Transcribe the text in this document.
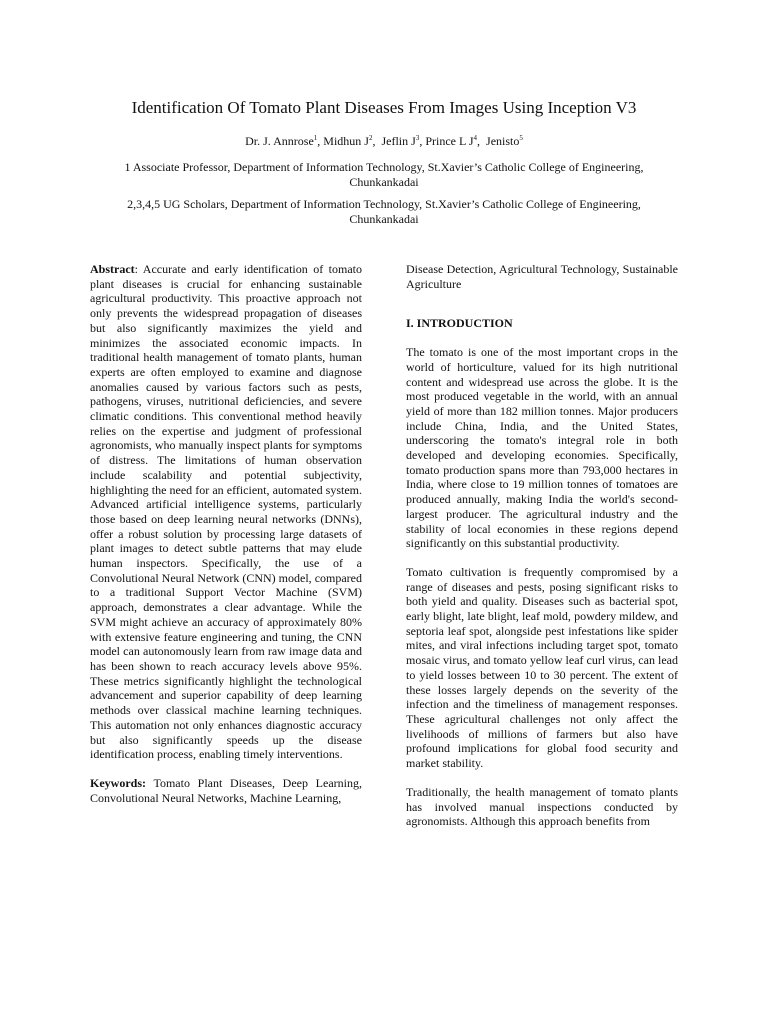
Identification Of Tomato Plant Diseases From Images Using Inception V3
Dr. J. Annrose$^1$, Midhun $J^2$,  Jeflin $J^3$, Prince L $J^4$,  Jenisto$^5$
1 Associate Professor, Department of Information Technology, St.Xavier’s Catholic College of Engineering, Chunkankadai
2,3,4,5 UG Scholars, Department of Information Technology, St.Xavier’s Catholic College of Engineering, Chunkankadai

Abstract: Accurate and early identification of tomato plant diseases is crucial for enhancing sustainable agricultural productivity. This proactive approach not only prevents the widespread propagation of diseases but also significantly maximizes the yield and minimizes the associated economic impacts. In traditional health management of tomato plants, human experts are often employed to examine and diagnose anomalies caused by various factors such as pests, pathogens, viruses, nutritional deficiencies, and severe climatic conditions. This conventional method heavily relies on the expertise and judgment of professional agronomists, who manually inspect plants for symptoms of distress. The limitations of human observation include scalability and potential subjectivity, highlighting the need for an efficient, automated system. Advanced artificial intelligence systems, particularly those based on deep learning neural networks (DNNs), offer a robust solution by processing large datasets of plant images to detect subtle patterns that may elude human inspectors. Specifically, the use of a Convolutional Neural Network (CNN) model, compared to a traditional Support Vector Machine (SVM) approach, demonstrates a clear advantage. While the SVM might achieve an accuracy of approximately 80% with extensive feature engineering and tuning, the CNN model can autonomously learn from raw image data and has been shown to reach accuracy levels above 95%. These metrics significantly highlight the technological advancement and superior capability of deep learning methods over classical machine learning techniques. This automation not only enhances diagnostic accuracy but also significantly speeds up the disease identification process, enabling timely interventions.

Keywords: Tomato Plant Diseases, Deep Learning, Convolutional Neural Networks, Machine Learning,

Disease Detection, Agricultural Technology, Sustainable Agriculture

I. INTRODUCTION

The tomato is one of the most important crops in the world of horticulture, valued for its high nutritional content and widespread use across the globe. It is the most produced vegetable in the world, with an annual yield of more than 182 million tonnes. Major producers include China, India, and the United States, underscoring the tomato's integral role in both developed and developing economies. Specifically, tomato production spans more than 793,000 hectares in India, where close to 19 million tonnes of tomatoes are produced annually, making India the world's second-largest producer. The agricultural industry and the stability of local economies in these regions depend significantly on this substantial productivity.

Tomato cultivation is frequently compromised by a range of diseases and pests, posing significant risks to both yield and quality. Diseases such as bacterial spot, early blight, late blight, leaf mold, powdery mildew, and septoria leaf spot, alongside pest infestations like spider mites, and viral infections including target spot, tomato mosaic virus, and tomato yellow leaf curl virus, can lead to yield losses between 10 to 30 percent. The extent of these losses largely depends on the severity of the infection and the timeliness of management responses. These agricultural challenges not only affect the livelihoods of millions of farmers but also have profound implications for global food security and market stability.

Traditionally, the health management of tomato plants has involved manual inspections conducted by agronomists. Although this approach benefits from
